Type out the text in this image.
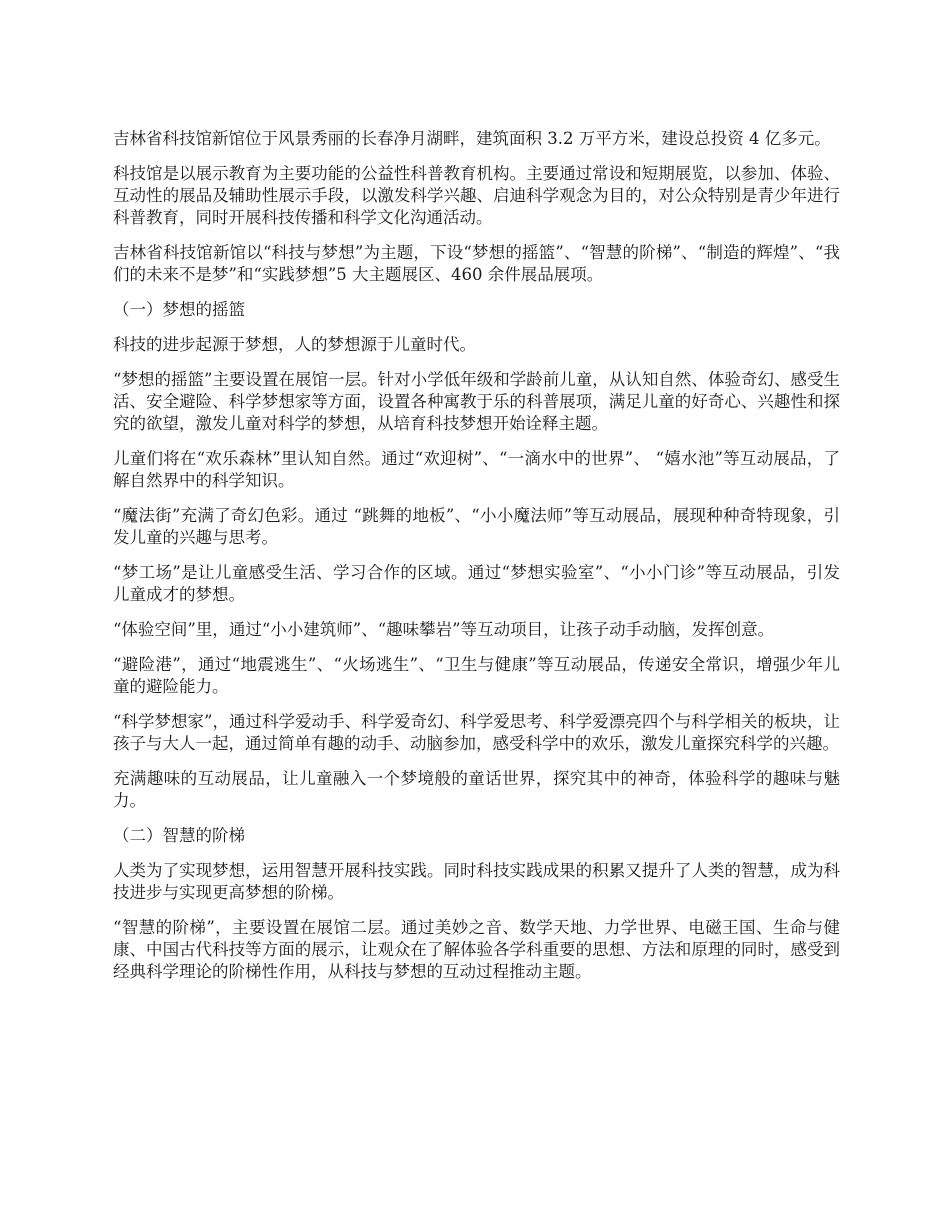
吉林省科技馆新馆位于风景秀丽的长春净月湖畔，建筑面积 3.2 万平方米，建设总投资 4 亿多元。

科技馆是以展示教育为主要功能的公益性科普教育机构。主要通过常设和短期展览，以参加、体验、互动性的展品及辅助性展示手段，以激发科学兴趣、启迪科学观念为目的，对公众特别是青少年进行科普教育，同时开展科技传播和科学文化沟通活动。

吉林省科技馆新馆以“科技与梦想”为主题，下设“梦想的摇篮”、“智慧的阶梯”、“制造的辉煌”、“我们的未来不是梦”和“实践梦想”5 大主题展区、460 余件展品展项。

（一）梦想的摇篮

科技的进步起源于梦想，人的梦想源于儿童时代。

“梦想的摇篮”主要设置在展馆一层。针对小学低年级和学龄前儿童，从认知自然、体验奇幻、感受生活、安全避险、科学梦想家等方面，设置各种寓教于乐的科普展项，满足儿童的好奇心、兴趣性和探究的欲望，激发儿童对科学的梦想，从培育科技梦想开始诠释主题。

儿童们将在“欢乐森林”里认知自然。通过“欢迎树”、“一滴水中的世界”、 “嬉水池”等互动展品，了解自然界中的科学知识。

“魔法街”充满了奇幻色彩。通过 “跳舞的地板”、“小小魔法师”等互动展品，展现种种奇特现象，引发儿童的兴趣与思考。

“梦工场”是让儿童感受生活、学习合作的区域。通过“梦想实验室”、“小小门诊”等互动展品，引发儿童成才的梦想。

“体验空间”里，通过“小小建筑师”、“趣味攀岩”等互动项目，让孩子动手动脑，发挥创意。

“避险港”，通过“地震逃生”、“火场逃生”、“卫生与健康”等互动展品，传递安全常识，增强少年儿童的避险能力。

“科学梦想家”，通过科学爱动手、科学爱奇幻、科学爱思考、科学爱漂亮四个与科学相关的板块，让孩子与大人一起，通过简单有趣的动手、动脑参加，感受科学中的欢乐，激发儿童探究科学的兴趣。

充满趣味的互动展品，让儿童融入一个梦境般的童话世界，探究其中的神奇，体验科学的趣味与魅力。

（二）智慧的阶梯

人类为了实现梦想，运用智慧开展科技实践。同时科技实践成果的积累又提升了人类的智慧，成为科技进步与实现更高梦想的阶梯。

“智慧的阶梯”，主要设置在展馆二层。通过美妙之音、数学天地、力学世界、电磁王国、生命与健康、中国古代科技等方面的展示，让观众在了解体验各学科重要的思想、方法和原理的同时，感受到经典科学理论的阶梯性作用，从科技与梦想的互动过程推动主题。
